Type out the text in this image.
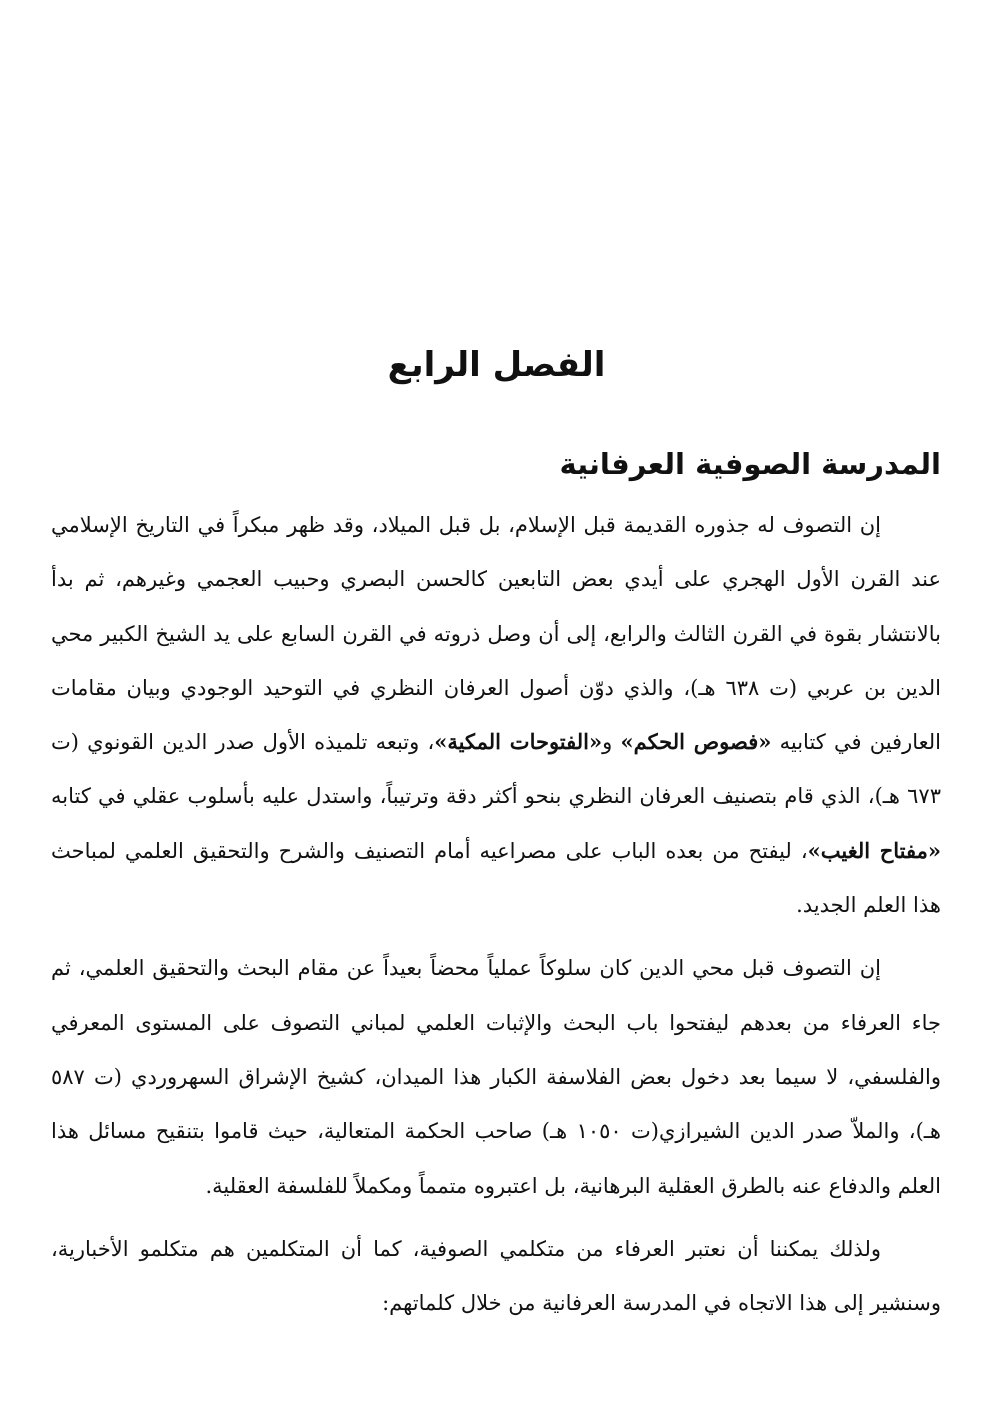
الفصل الرابع
المدرسة الصوفية العرفانية

إن التصوف له جذوره القديمة قبل الإسلام، بل قبل الميلاد، وقد ظهر مبكراً في التاريخ الإسلامي عند القرن الأول الهجري على أيدي بعض التابعين كالحسن البصري وحبيب العجمي وغيرهم، ثم بدأ بالانتشار بقوة في القرن الثالث والرابع، إلى أن وصل ذروته في القرن السابع على يد الشيخ الكبير محي الدين بن عربي (ت ٦٣٨ هـ)، والذي دوّن أصول العرفان النظري في التوحيد الوجودي وبيان مقامات العارفين في كتابيه «فصوص الحكم» و«الفتوحات المكية»، وتبعه تلميذه الأول صدر الدين القونوي (ت ٦٧٣ هـ)، الذي قام بتصنيف العرفان النظري بنحو أكثر دقة وترتيباً، واستدل عليه بأسلوب عقلي في كتابه «مفتاح الغيب»، ليفتح من بعده الباب على مصراعيه أمام التصنيف والشرح والتحقيق العلمي لمباحث هذا العلم الجديد.

إن التصوف قبل محي الدين كان سلوكاً عملياً محضاً بعيداً عن مقام البحث والتحقيق العلمي، ثم جاء العرفاء من بعدهم ليفتحوا باب البحث والإثبات العلمي لمباني التصوف على المستوى المعرفي والفلسفي، لا سيما بعد دخول بعض الفلاسفة الكبار هذا الميدان، كشيخ الإشراق السهروردي (ت ٥٨٧ هـ)، والملاّ صدر الدين الشيرازي(ت ١٠٥٠ هـ) صاحب الحكمة المتعالية، حيث قاموا بتنقيح مسائل هذا العلم والدفاع عنه بالطرق العقلية البرهانية، بل اعتبروه متمماً ومكملاً للفلسفة العقلية.

ولذلك يمكننا أن نعتبر العرفاء من متكلمي الصوفية، كما أن المتكلمين هم متكلمو الأخبارية، وسنشير إلى هذا الاتجاه في المدرسة العرفانية من خلال كلماتهم:
